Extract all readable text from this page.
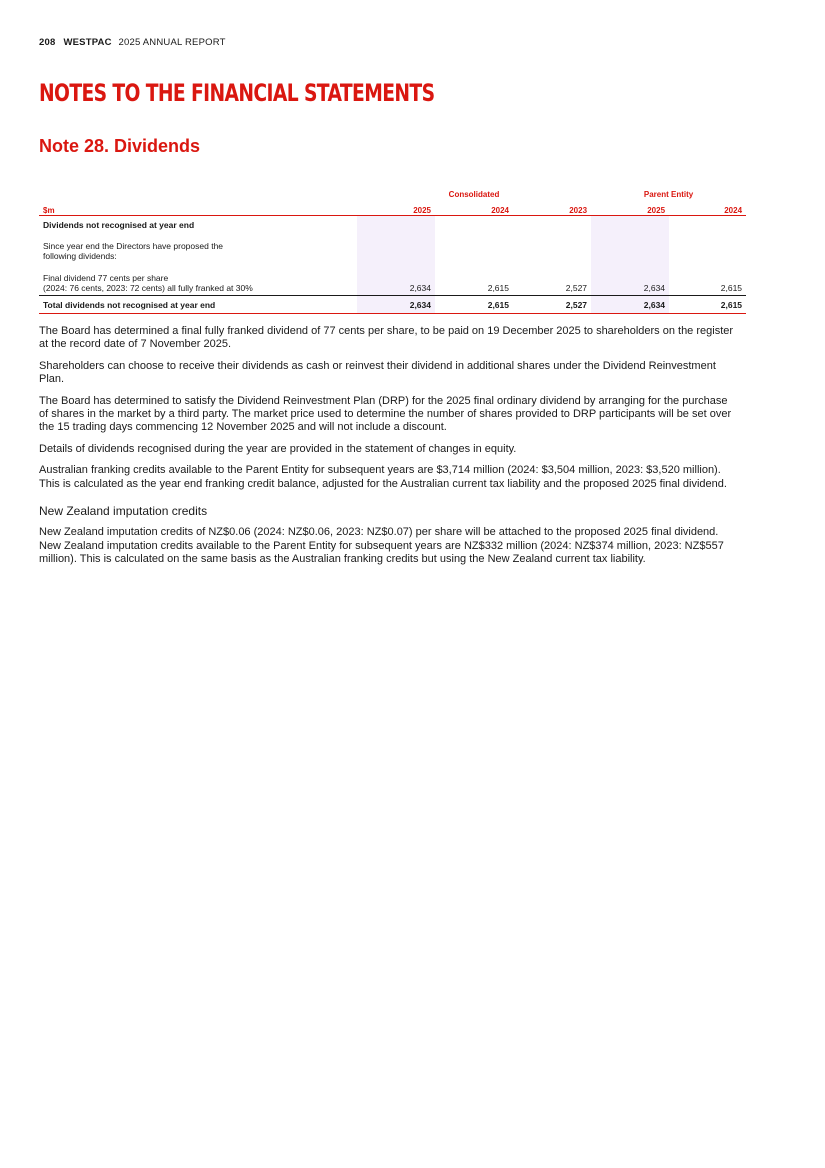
208 WESTPAC 2025 ANNUAL REPORT
NOTES TO THE FINANCIAL STATEMENTS
Note 28. Dividends
	Consolidated			Parent Entity	
$m	2025	2024	2023	2025	2024
Dividends not recognised at year end					
Since year end the Directors have proposed the
following dividends:					
Final dividend 77 cents per share
(2024: 76 cents, 2023: 72 cents) all fully franked at 30%	2,634	2,615	2,527	2,634	2,615
Total dividends not recognised at year end	2,634	2,615	2,527	2,634	2,615

The Board has determined a final fully franked dividend of 77 cents per share, to be paid on 19 December 2025 to shareholders on the register at the record date of 7 November 2025.

Shareholders can choose to receive their dividends as cash or reinvest their dividend in additional shares under the Dividend Reinvestment Plan.

The Board has determined to satisfy the Dividend Reinvestment Plan (DRP) for the 2025 final ordinary dividend by arranging for the purchase of shares in the market by a third party. The market price used to determine the number of shares provided to DRP participants will be set over the 15 trading days commencing 12 November 2025 and will not include a discount.

Details of dividends recognised during the year are provided in the statement of changes in equity.

Australian franking credits available to the Parent Entity for subsequent years are $3,714 million (2024: $3,504 million, 2023: $3,520 million). This is calculated as the year end franking credit balance, adjusted for the Australian current tax liability and the proposed 2025 final dividend.

New Zealand imputation credits

New Zealand imputation credits of NZ$0.06 (2024: NZ$0.06, 2023: NZ$0.07) per share will be attached to the proposed 2025 final dividend. New Zealand imputation credits available to the Parent Entity for subsequent years are NZ$332 million (2024: NZ$374 million, 2023: NZ$557 million). This is calculated on the same basis as the Australian franking credits but using the New Zealand current tax liability.
